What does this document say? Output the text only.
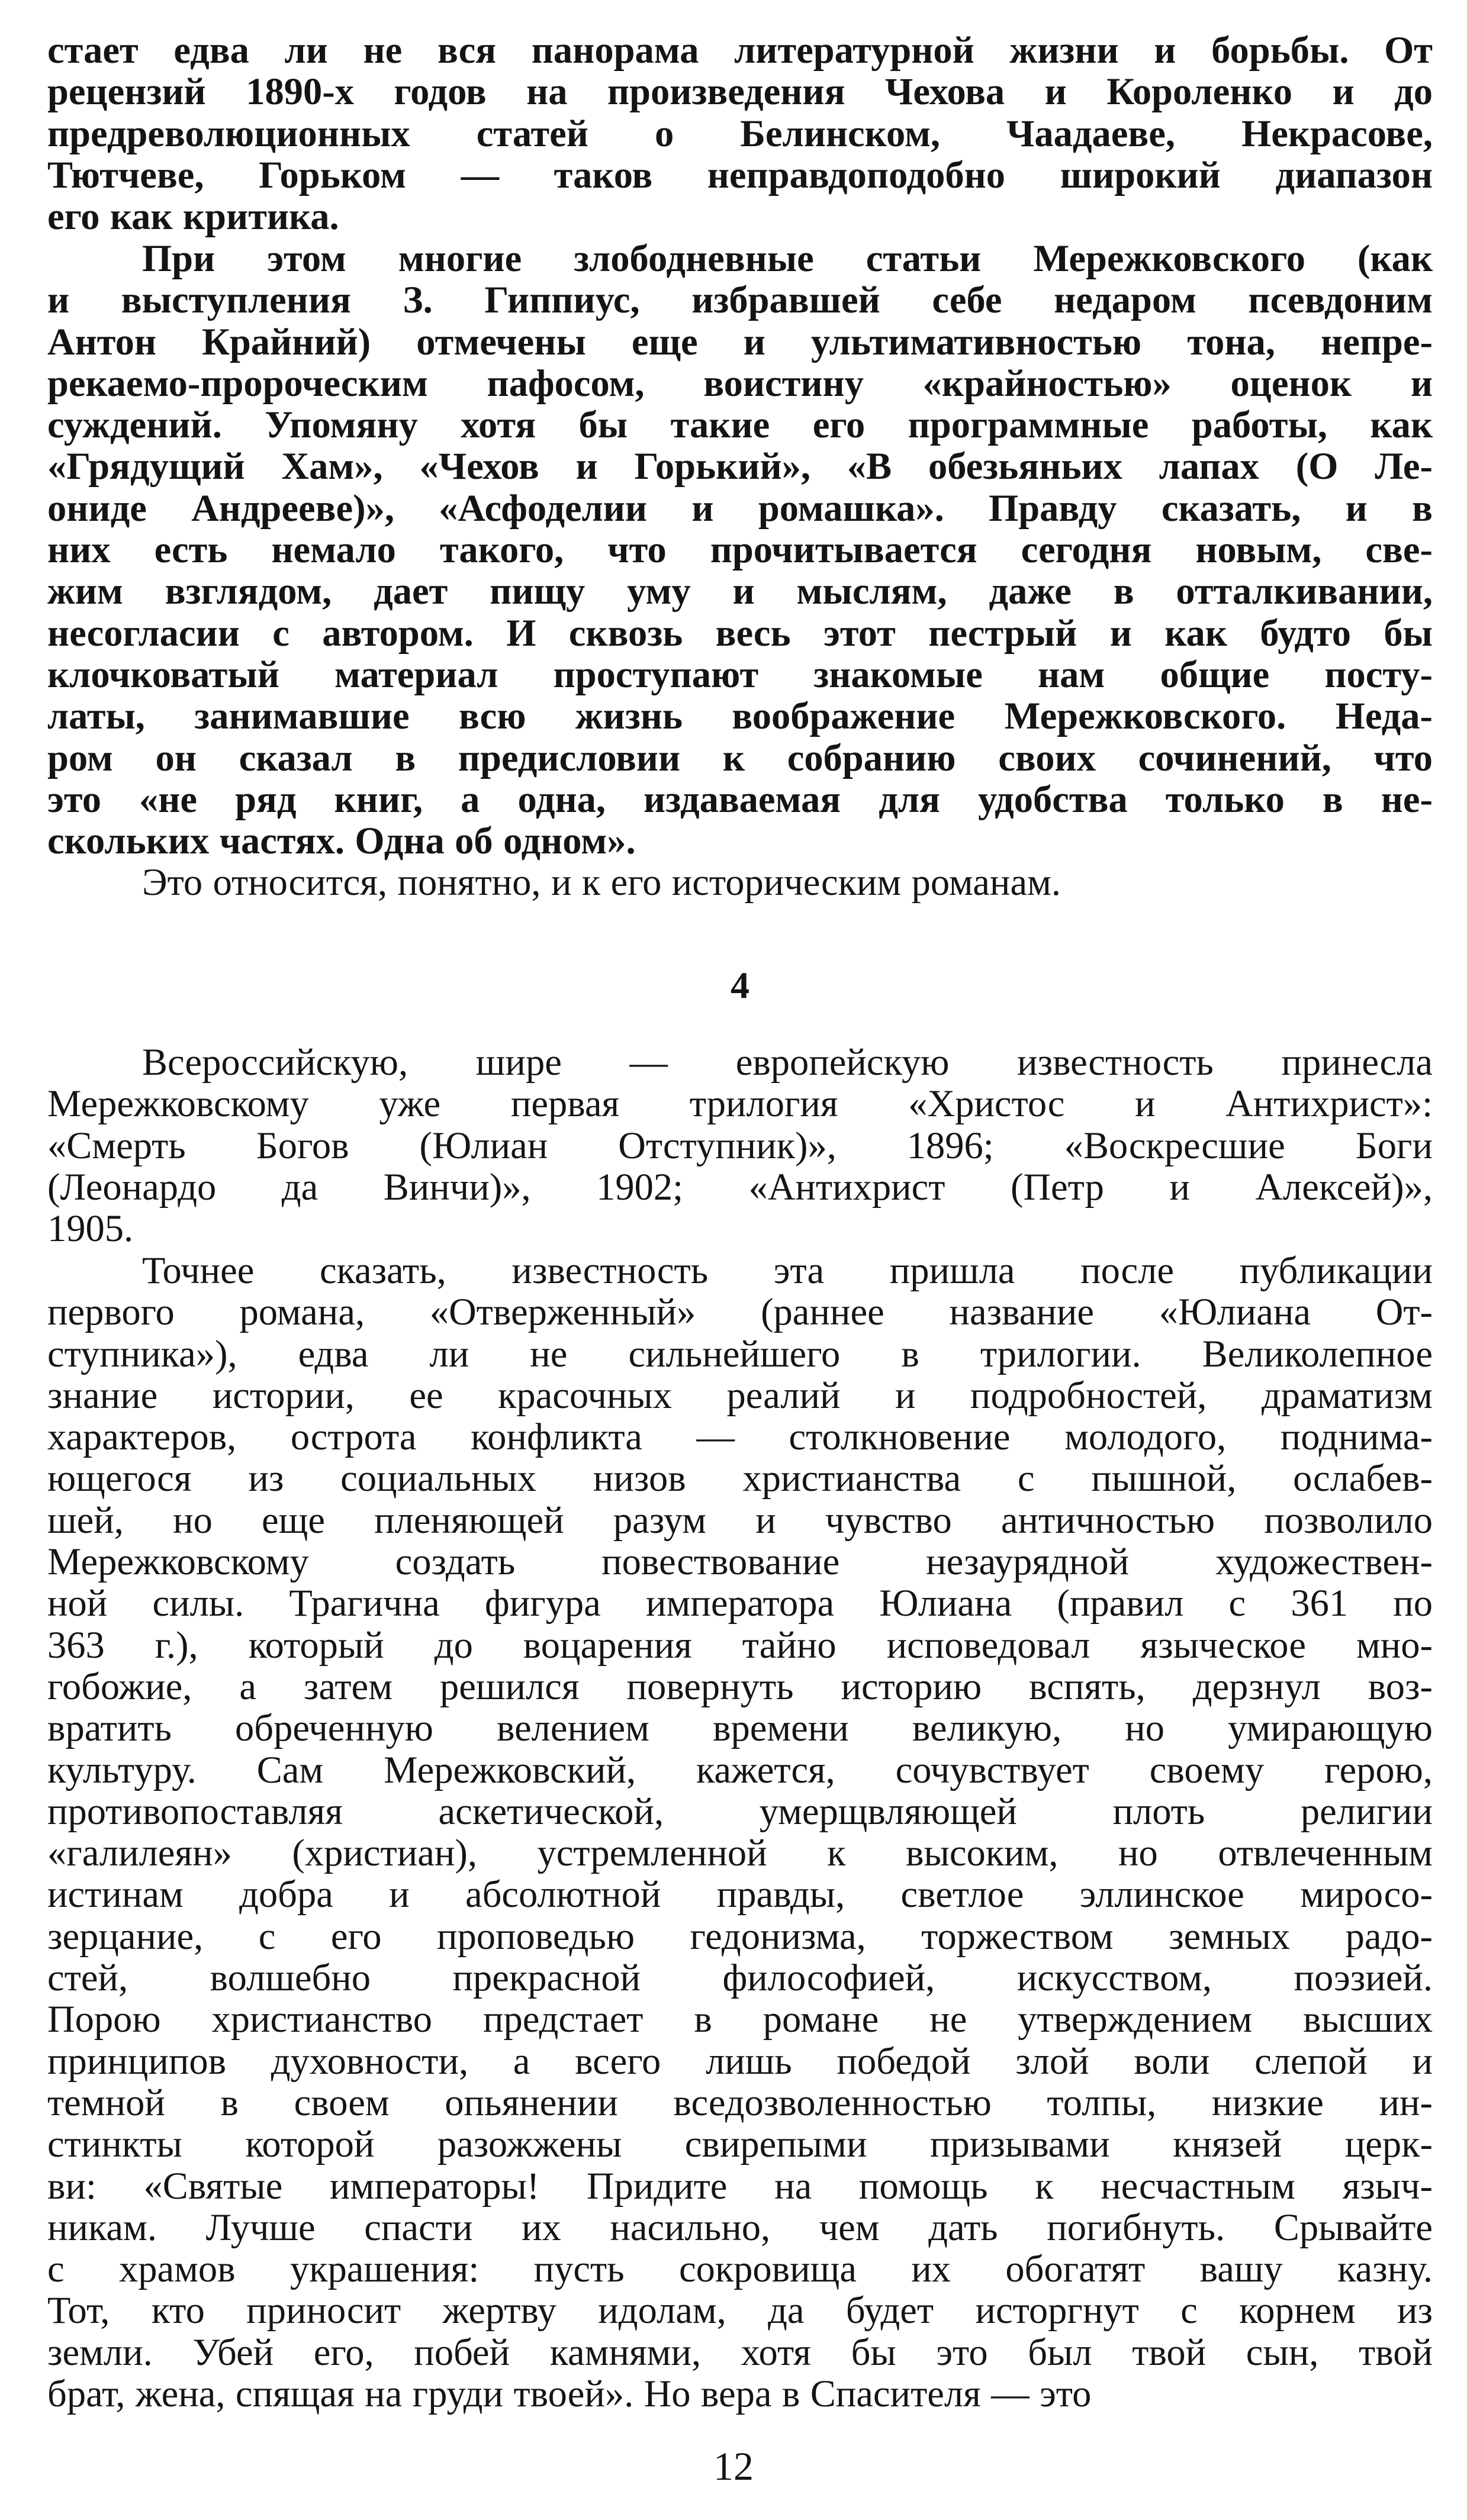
стает едва ли не вся панорама литературной жизни и борьбы. От
рецензий 1890-х годов на произведения Чехова и Короленко и до
предреволюционных статей о Белинском, Чаадаеве, Некрасове,
Тютчеве, Горьком — таков неправдоподобно широкий диапазон
его как критика.

При этом многие злободневные статьи Мережковского (как
и выступления З. Гиппиус, избравшей себе недаром псевдоним
Антон Крайний) отмечены еще и ультимативностью тона, непре-
рекаемо-пророческим пафосом, воистину «крайностью» оценок и
суждений. Упомяну хотя бы такие его программные работы, как
«Грядущий Хам», «Чехов и Горький», «В обезьяньих лапах (О Ле-
ониде Андрееве)», «Асфоделии и ромашка». Правду сказать, и в
них есть немало такого, что прочитывается сегодня новым, све-
жим взглядом, дает пищу уму и мыслям, даже в отталкивании,
несогласии с автором. И сквозь весь этот пестрый и как будто бы
клочковатый материал проступают знакомые нам общие посту-
латы, занимавшие всю жизнь воображение Мережковского. Неда-
ром он сказал в предисловии к собранию своих сочинений, что
это «не ряд книг, а одна, издаваемая для удобства только в не-
скольких частях. Одна об одном».

Это относится, понятно, и к его историческим романам.

4

Всероссийскую, шире — европейскую известность принесла
Мережковскому уже первая трилогия «Христос и Антихрист»:
«Смерть Богов (Юлиан Отступник)», 1896; «Воскресшие Боги
(Леонардо да Винчи)», 1902; «Антихрист (Петр и Алексей)»,
1905.

Точнее сказать, известность эта пришла после публикации
первого романа, «Отверженный» (раннее название «Юлиана От-
ступника»), едва ли не сильнейшего в трилогии. Великолепное
знание истории, ее красочных реалий и подробностей, драматизм
характеров, острота конфликта — столкновение молодого, поднима-
ющегося из социальных низов христианства с пышной, ослабев-
шей, но еще пленяющей разум и чувство античностью позволило
Мережковскому создать повествование незаурядной художествен-
ной силы. Трагична фигура императора Юлиана (правил с 361 по
363 г.), который до воцарения тайно исповедовал языческое мно-
гобожие, а затем решился повернуть историю вспять, дерзнул воз-
вратить обреченную велением времени великую, но умирающую
культуру. Сам Мережковский, кажется, сочувствует своему герою,
противопоставляя аскетической, умерщвляющей плоть религии
«галилеян» (христиан), устремленной к высоким, но отвлеченным
истинам добра и абсолютной правды, светлое эллинское миросо-
зерцание, с его проповедью гедонизма, торжеством земных радо-
стей, волшебно прекрасной философией, искусством, поэзией.
Порою христианство предстает в романе не утверждением высших
принципов духовности, а всего лишь победой злой воли слепой и
темной в своем опьянении вседозволенностью толпы, низкие ин-
стинкты которой разожжены свирепыми призывами князей церк-
ви: «Святые императоры! Придите на помощь к несчастным языч-
никам. Лучше спасти их насильно, чем дать погибнуть. Срывайте
с храмов украшения: пусть сокровища их обогатят вашу казну.
Тот, кто приносит жертву идолам, да будет исторгнут с корнем из
земли. Убей его, побей камнями, хотя бы это был твой сын, твой
брат, жена, спящая на груди твоей». Но вера в Спасителя — это

12
